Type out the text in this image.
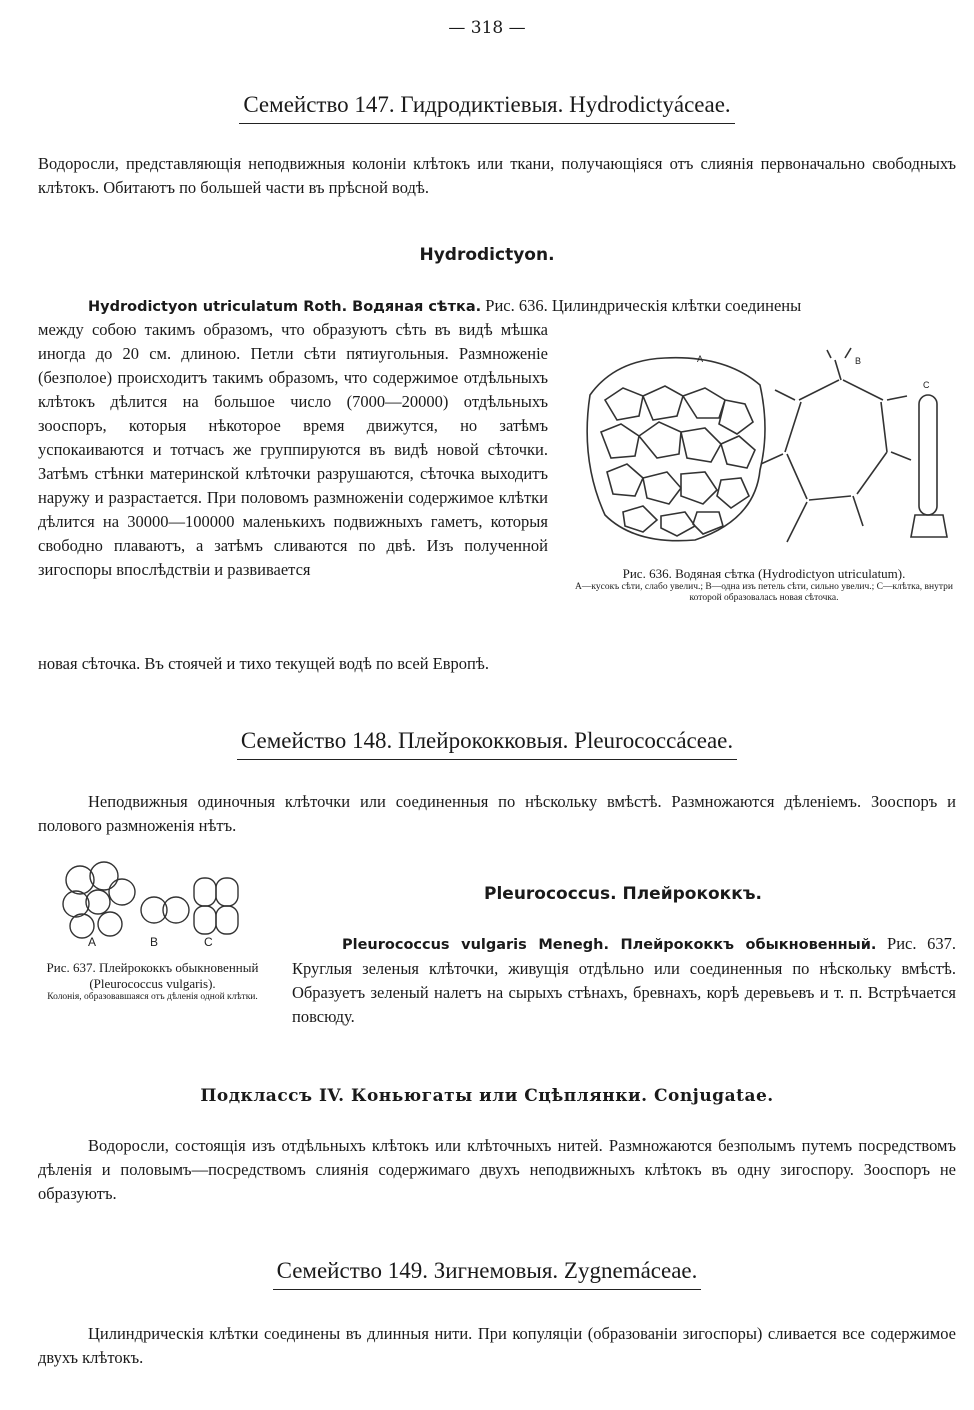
— 318 —
Семейство 147. Гидродиктіевыя. Hydrodictyáceae.
Водоросли, представляющія неподвижныя колоніи клѣтокъ или ткани, получающіяся отъ слиянія первоначально свободныхъ клѣтокъ. Обитаютъ по большей части въ прѣсной водѣ.
Hydrodictyon.
Hydrodictyon utriculatum Roth. Водяная сѣтка. Рис. 636. Цилиндрическія клѣтки соединены
между собою такимъ образомъ, что образуютъ сѣть въ видѣ мѣшка иногда до 20 см. длиною. Петли сѣти пятиугольныя. Размноженіе (безполое) происходитъ такимъ образомъ, что содержимое отдѣльныхъ клѣтокъ дѣлится на большое число (7000—20000) отдѣльныхъ зооспоръ, которыя нѣкоторое время движутся, но затѣмъ успокаиваются и тотчасъ же группируются въ видѣ новой сѣточки. Затѣмъ стѣнки материнской клѣточки разрушаются, сѣточка выходитъ наружу и разрастается. При половомъ размноженіи содержимое клѣтки дѣлится на 30000—100000 маленькихъ подвижныхъ гаметъ, которыя свободно плаваютъ, а затѣмъ сливаются по двѣ. Изъ полученной зигоспоры впослѣдствіи и развивается
новая сѣточка. Въ стоячей и тихо текущей водѣ по всей Европѣ.
A	B
C
Рис. 636. Водяная сѣтка (Hydrodictyon utriculatum).
A—кусокъ сѣти, слабо увелич.; B—одна изъ петель сѣти, сильно увелич.; C—клѣтка, внутри которой образовалась новая сѣточка.
Семейство 148. Плейрококковыя. Pleurococcáceae.
Неподвижныя одиночныя клѣточки или соединенныя по нѣскольку вмѣстѣ. Размножаются дѣленіемъ. Зооспоръ и полового размноженія нѣтъ.
A	B	C
Рис. 637. Плейрококкъ обыкновенный (Pleurococcus vulgaris).
Колонія, образовавшаяся отъ дѣленія одной клѣтки.
Pleurococcus. Плейрококкъ.
Pleurococcus vulgaris Menegh. Плейрококкъ обыкновенный. Рис. 637. Круглыя зеленыя клѣточки, живущія отдѣльно или соединенныя по нѣскольку вмѣстѣ. Образуетъ зеленый налетъ на сырыхъ стѣнахъ, бревнахъ, корѣ деревьевъ и т. п. Встрѣчается повсюду.
Подклассъ IV. Коньюгаты или Сцѣплянки. Conjugatae.
Водоросли, состоящія изъ отдѣльныхъ клѣтокъ или клѣточныхъ нитей. Размножаются безполымъ путемъ посредствомъ дѣленія и половымъ—посредствомъ слиянія содержимаго двухъ неподвижныхъ клѣтокъ въ одну зигоспору. Зооспоръ не образуютъ.
Семейство 149. Зигнемовыя. Zygnemáceae.
Цилиндрическія клѣтки соединены въ длинныя нити. При копуляціи (образованіи зигоспоры) сливается все содержимое двухъ клѣтокъ.
